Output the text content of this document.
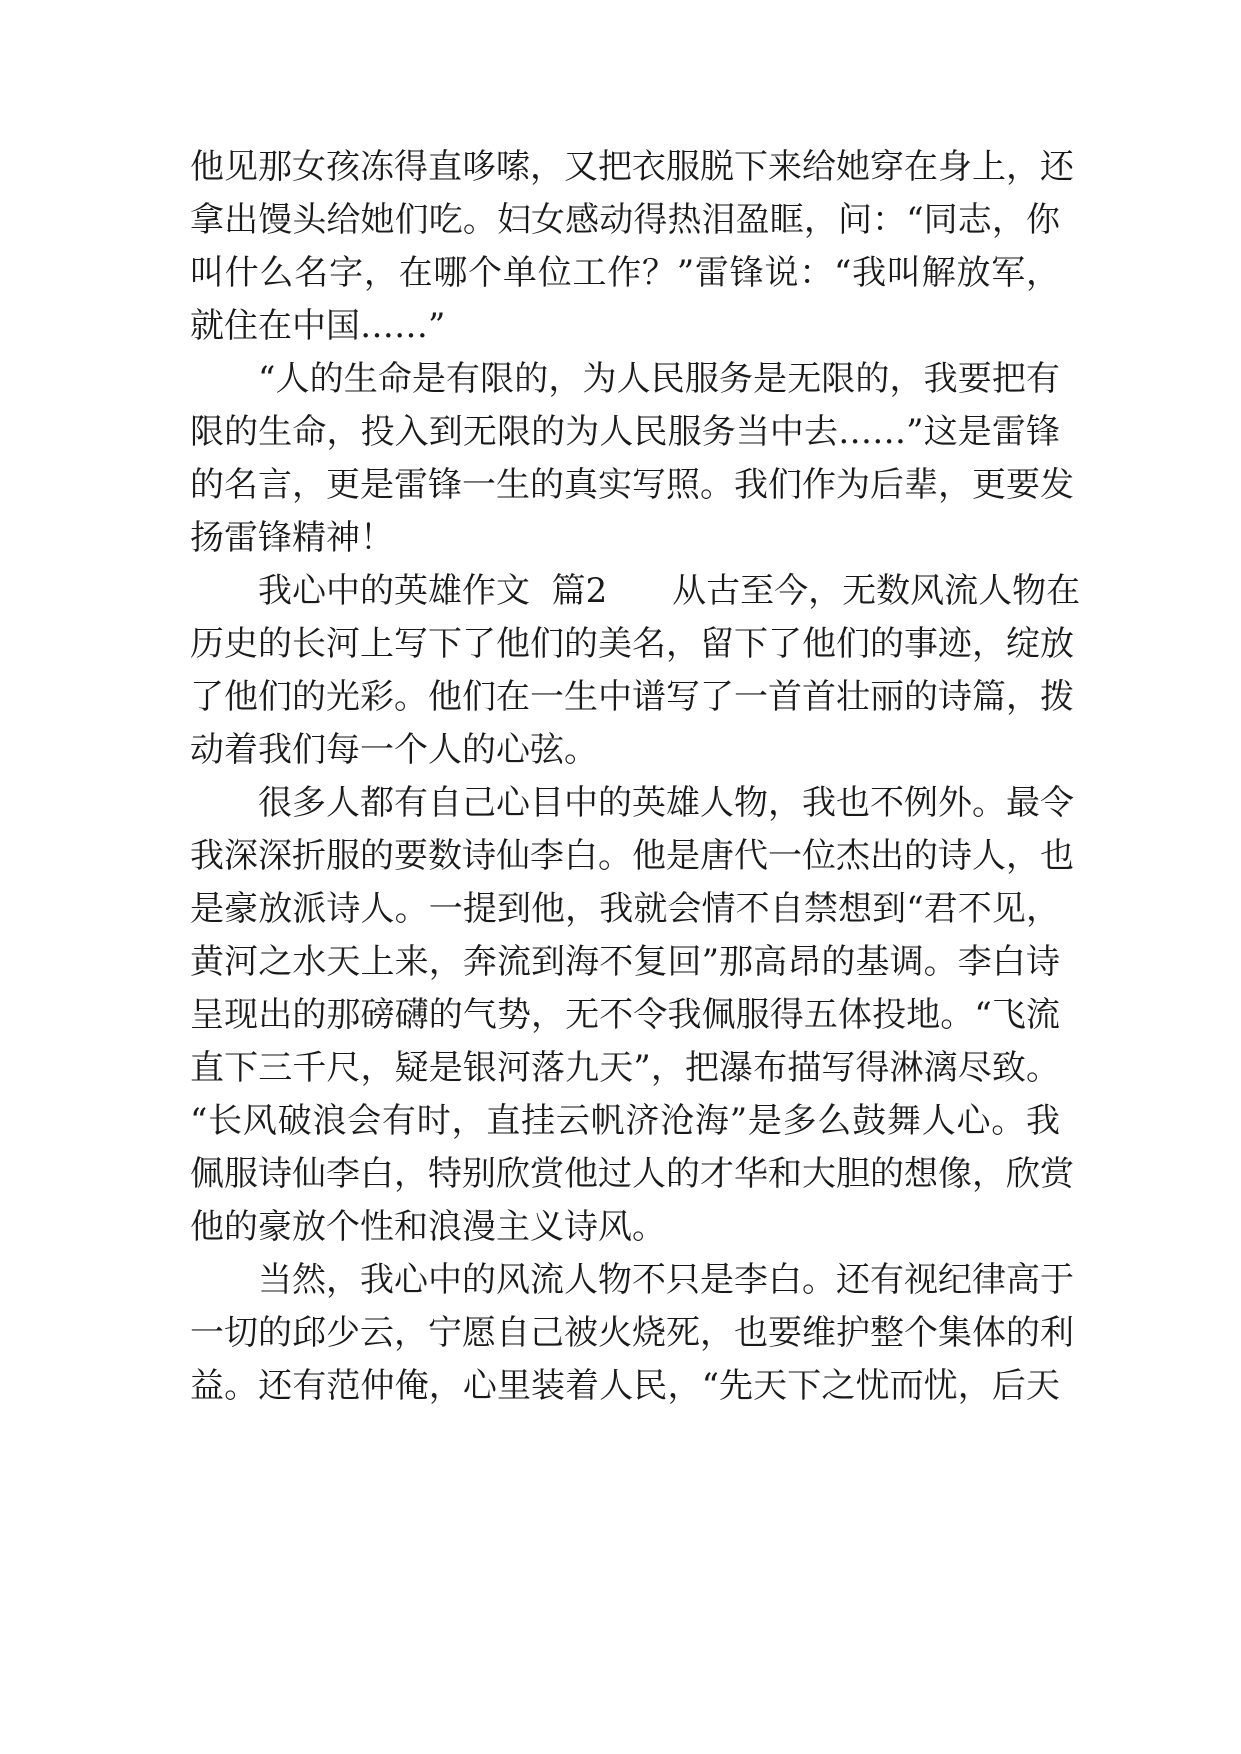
他见那女孩冻得直哆嗦，又把衣服脱下来给她穿在身上，还
拿出馒头给她们吃。妇女感动得热泪盈眶，问：“同志，你
叫什么名字，在哪个单位工作？”雷锋说：“我叫解放军，
就住在中国……”
“人的生命是有限的，为人民服务是无限的，我要把有
限的生命，投入到无限的为人民服务当中去……”这是雷锋
的名言，更是雷锋一生的真实写照。我们作为后辈，更要发
扬雷锋精神！
我心中的英雄作文  篇2      从古至今，无数风流人物在
历史的长河上写下了他们的美名，留下了他们的事迹，绽放
了他们的光彩。他们在一生中谱写了一首首壮丽的诗篇，拨
动着我们每一个人的心弦。
很多人都有自己心目中的英雄人物，我也不例外。最令
我深深折服的要数诗仙李白。他是唐代一位杰出的诗人，也
是豪放派诗人。一提到他，我就会情不自禁想到“君不见，
黄河之水天上来，奔流到海不复回”那高昂的基调。李白诗
呈现出的那磅礴的气势，无不令我佩服得五体投地。“飞流
直下三千尺，疑是银河落九天”，把瀑布描写得淋漓尽致。
“长风破浪会有时，直挂云帆济沧海”是多么鼓舞人心。我
佩服诗仙李白，特别欣赏他过人的才华和大胆的想像，欣赏
他的豪放个性和浪漫主义诗风。
当然，我心中的风流人物不只是李白。还有视纪律高于
一切的邱少云，宁愿自己被火烧死，也要维护整个集体的利
益。还有范仲俺，心里装着人民，“先天下之忧而忧，后天
